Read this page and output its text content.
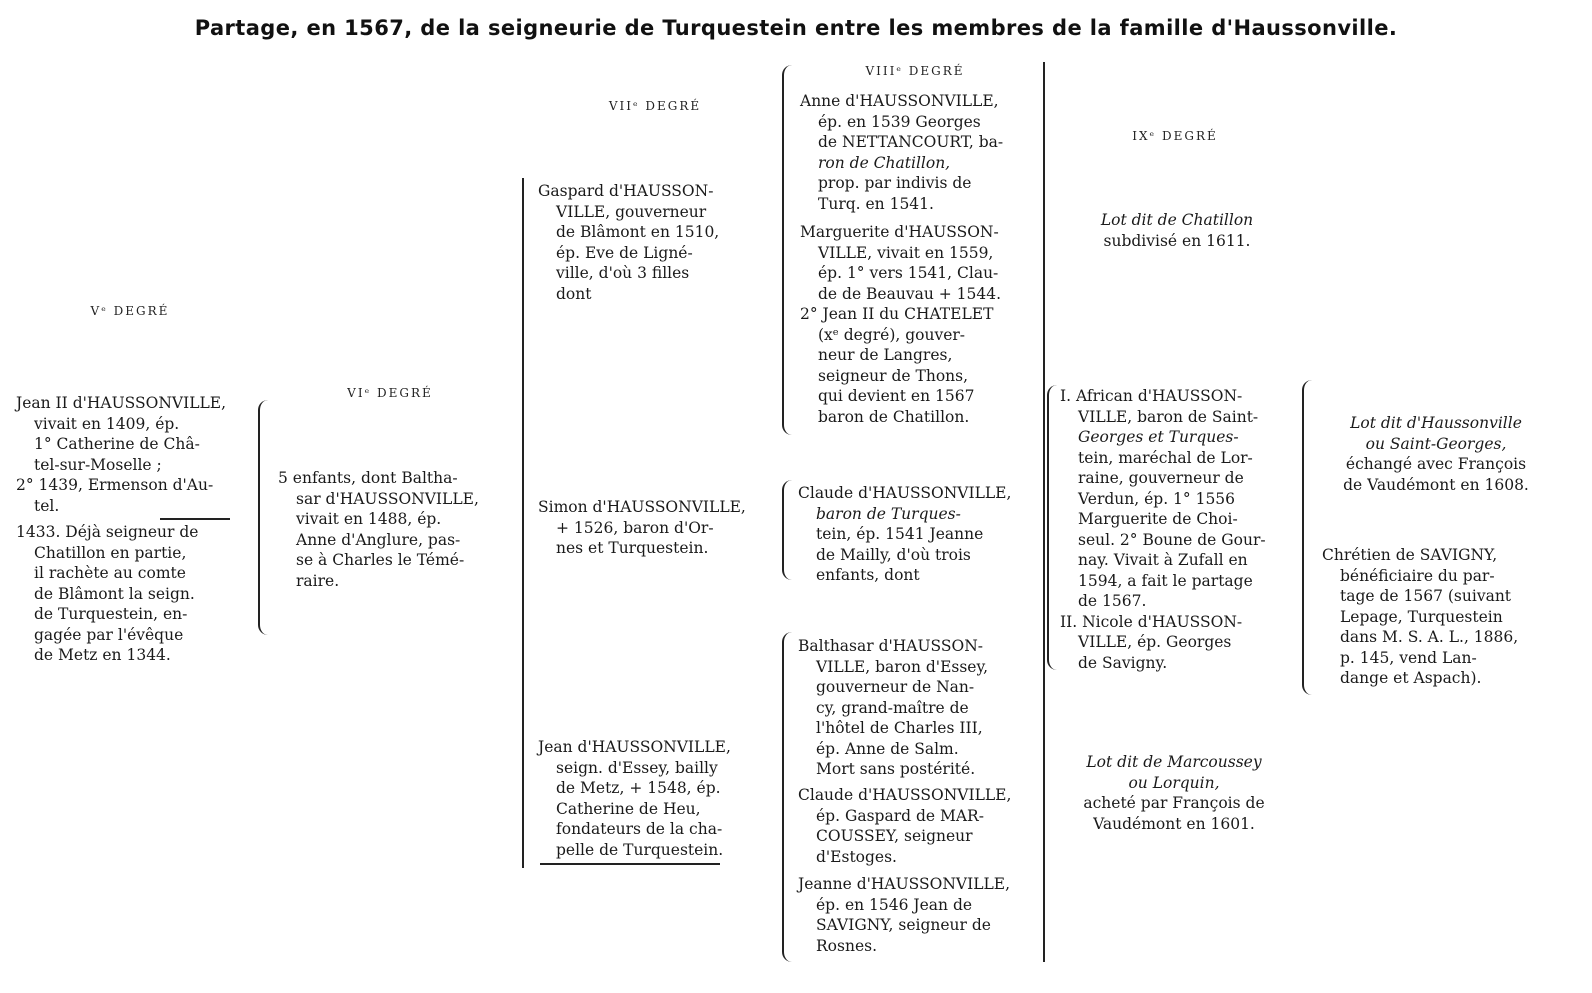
Partage, en 1567, de la seigneurie de Turquestein entre les membres de la famille d'Haussonville.
Vᵉ DEGRÉ
VIᵉ DEGRÉ
VIIᵉ DEGRÉ
VIIIᵉ DEGRÉ
IXᵉ DEGRÉ
Jean II d'HAUSSONVILLE,
vivait en 1409, ép.
1° Catherine de Châ-
tel-sur-Moselle ;
2° 1439, Ermenson d'Au-
tel.
1433. Déjà seigneur de
Chatillon en partie,
il rachète au comte
de Blâmont la seign.
de Turquestein, en-
gagée par l'évêque
de Metz en 1344.
5 enfants, dont Baltha-
sar d'HAUSSONVILLE,
vivait en 1488, ép.
Anne d'Anglure, pas-
se à Charles le Témé-
raire.
Gaspard d'HAUSSON-
VILLE, gouverneur
de Blâmont en 1510,
ép. Eve de Ligné-
ville, d'où 3 filles
dont
Simon d'HAUSSONVILLE,
+ 1526, baron d'Or-
nes et Turquestein.
Jean d'HAUSSONVILLE,
seign. d'Essey, bailly
de Metz, + 1548, ép.
Catherine de Heu,
fondateurs de la cha-
pelle de Turquestein.
Anne d'HAUSSONVILLE,
ép. en 1539 Georges
de NETTANCOURT, ba-
ron de Chatillon,
prop. par indivis de
Turq. en 1541.
Marguerite d'HAUSSON-
VILLE, vivait en 1559,
ép. 1° vers 1541, Clau-
de de Beauvau + 1544.
2° Jean II du CHATELET
(xᵉ degré), gouver-
neur de Langres,
seigneur de Thons,
qui devient en 1567
baron de Chatillon.
Claude d'HAUSSONVILLE,
baron de Turques-
tein, ép. 1541 Jeanne
de Mailly, d'où trois
enfants, dont
Balthasar d'HAUSSON-
VILLE, baron d'Essey,
gouverneur de Nan-
cy, grand-maître de
l'hôtel de Charles III,
ép. Anne de Salm.
Mort sans postérité.
Claude d'HAUSSONVILLE,
ép. Gaspard de MAR-
COUSSEY, seigneur
d'Estoges.
Jeanne d'HAUSSONVILLE,
ép. en 1546 Jean de
SAVIGNY, seigneur de
Rosnes.
Lot dit de Chatillon
subdivisé en 1611.
I. African d'HAUSSON-
VILLE, baron de Saint-
Georges et Turques-
tein, maréchal de Lor-
raine, gouverneur de
Verdun, ép. 1° 1556
Marguerite de Choi-
seul. 2° Boune de Gour-
nay. Vivait à Zufall en
1594, a fait le partage
de 1567.
II. Nicole d'HAUSSON-
VILLE, ép. Georges
de Savigny.
Lot dit de Marcoussey
ou Lorquin,
acheté par François de
Vaudémont en 1601.
Lot dit d'Haussonville
ou Saint-Georges,
échangé avec François
de Vaudémont en 1608.
Chrétien de SAVIGNY,
bénéficiaire du par-
tage de 1567 (suivant
Lepage, Turquestein
dans M. S. A. L., 1886,
p. 145, vend Lan-
dange et Aspach).
